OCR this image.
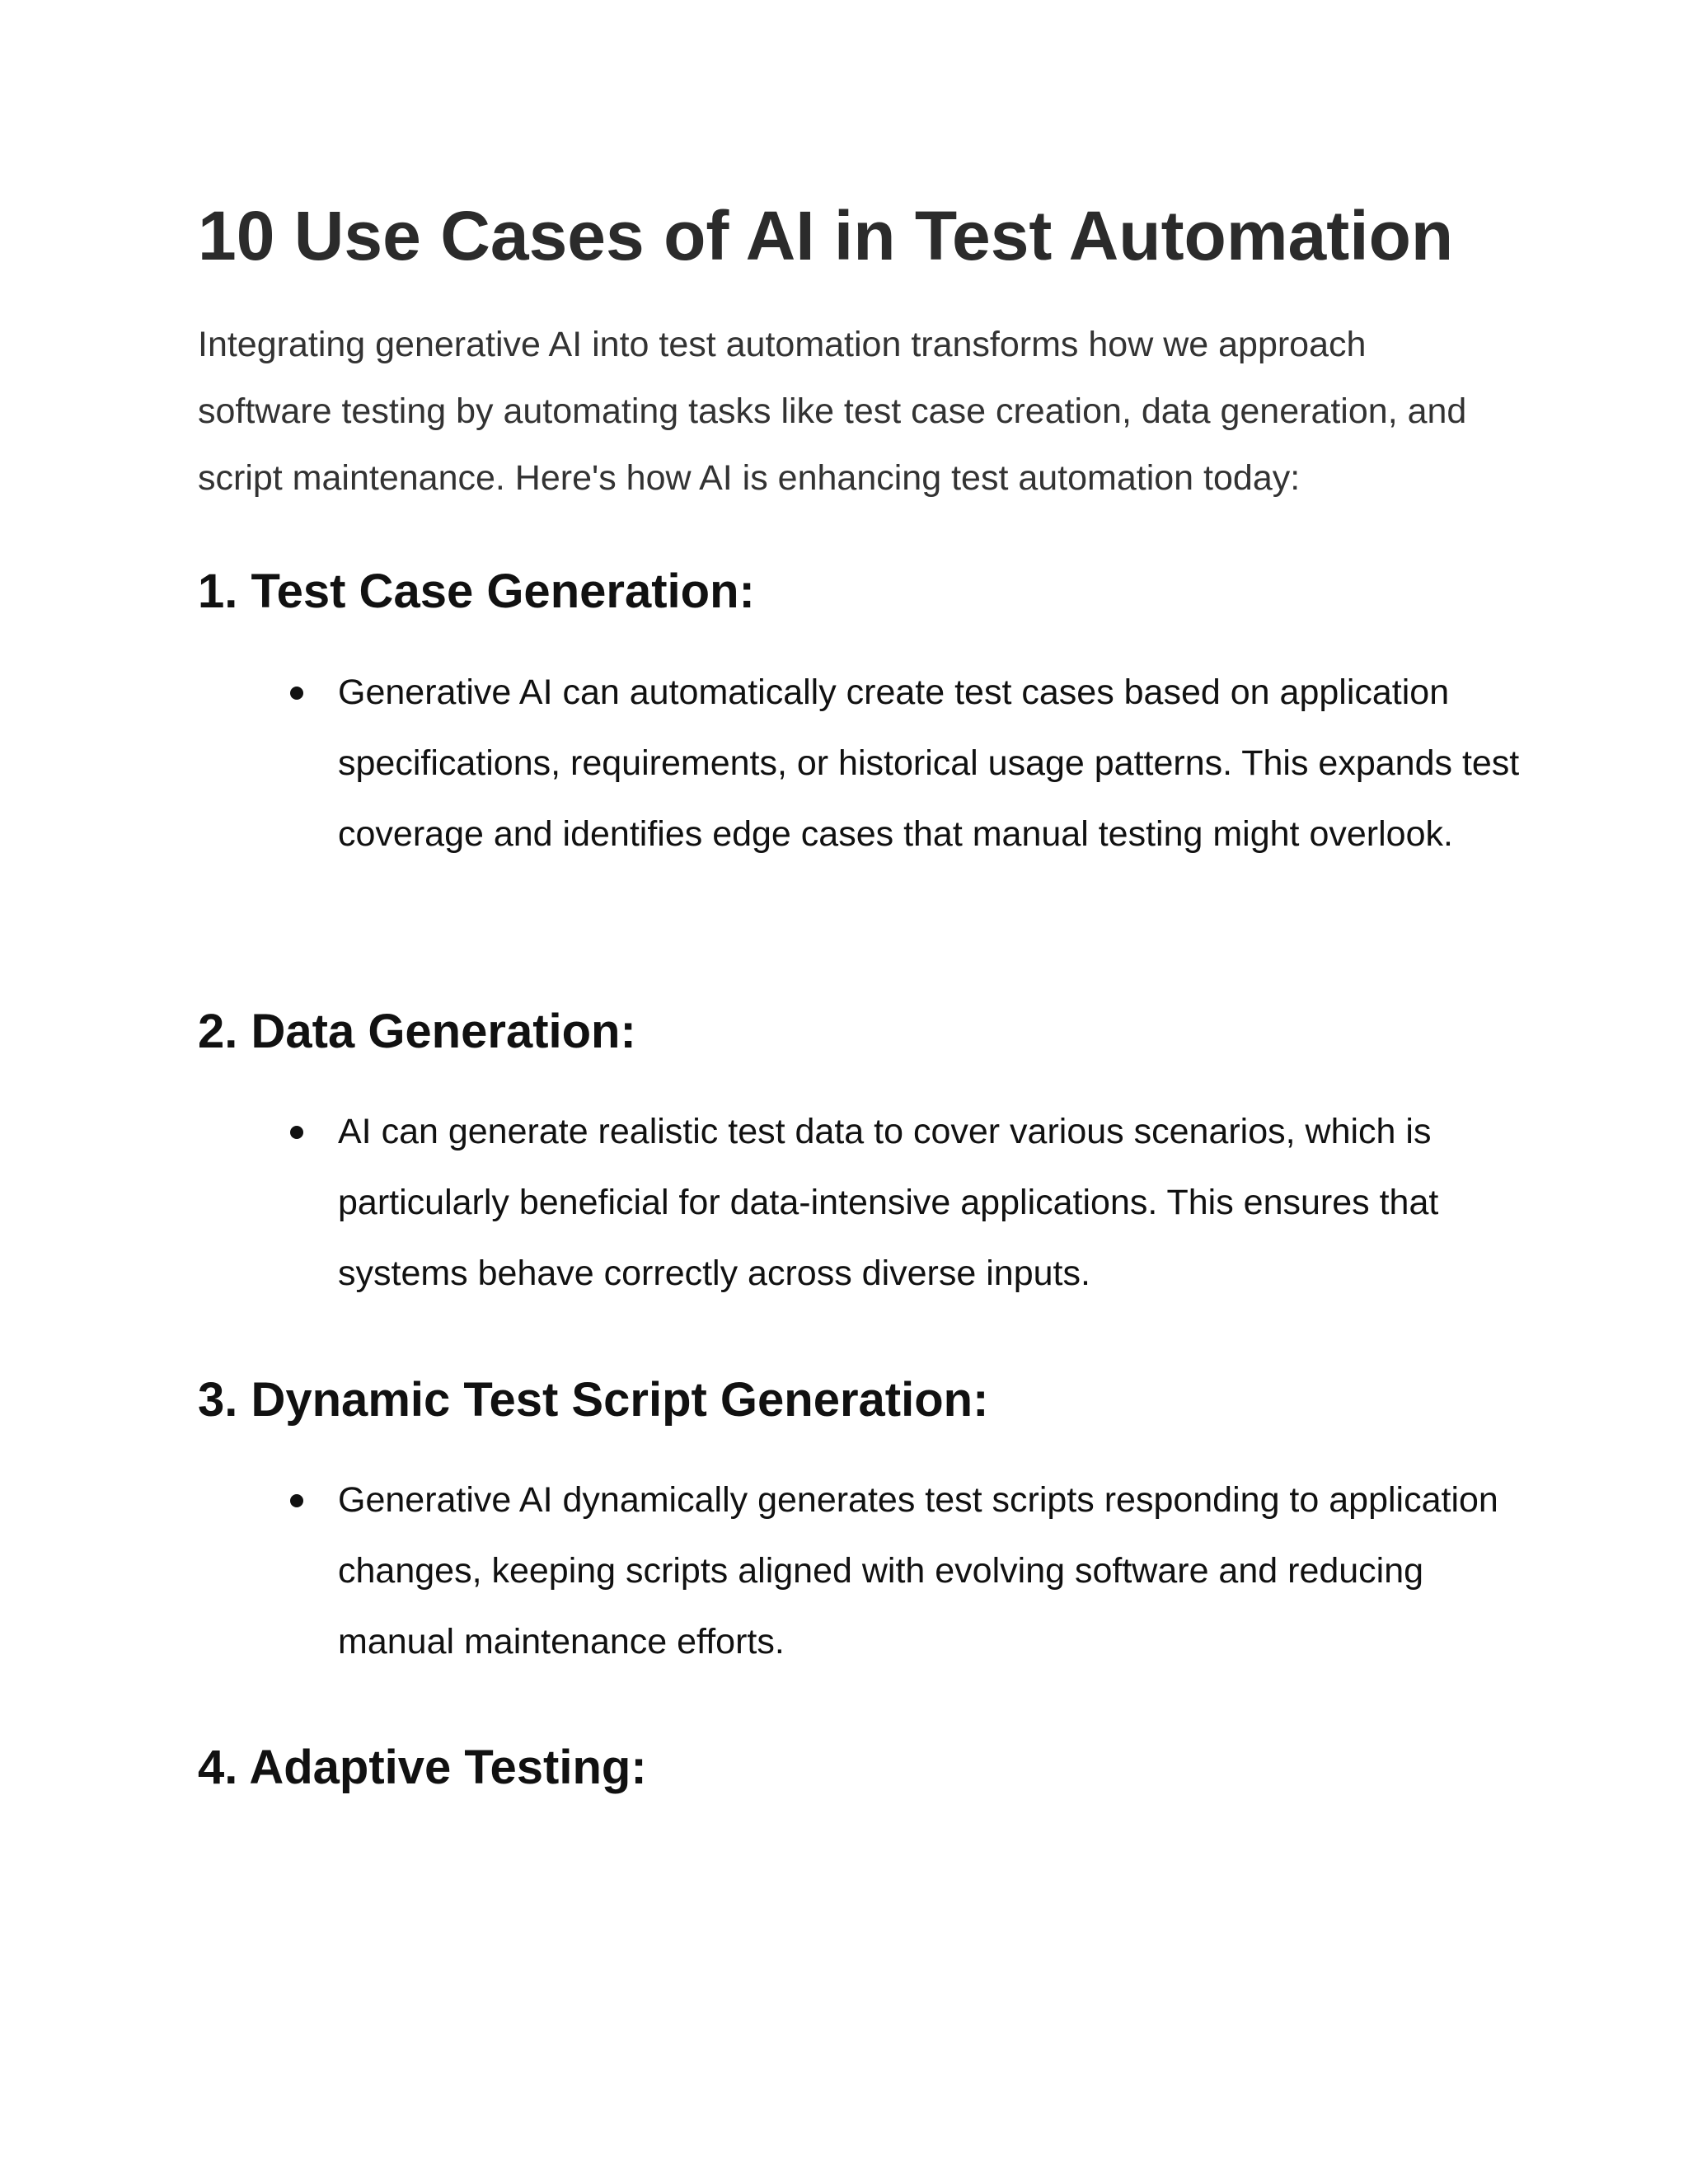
10 Use Cases of AI in Test Automation

Integrating generative AI into test automation transforms how we approach software testing by automating tasks like test case creation, data generation, and script maintenance. Here's how AI is enhancing test automation today:

1. Test Case Generation:
Generative AI can automatically create test cases based on application specifications, requirements, or historical usage patterns. This expands test coverage and identifies edge cases that manual testing might overlook.
2. Data Generation:
AI can generate realistic test data to cover various scenarios, which is particularly beneficial for data-intensive applications. This ensures that systems behave correctly across diverse inputs.
3. Dynamic Test Script Generation:
Generative AI dynamically generates test scripts responding to application changes, keeping scripts aligned with evolving software and reducing manual maintenance efforts.
4. Adaptive Testing:
